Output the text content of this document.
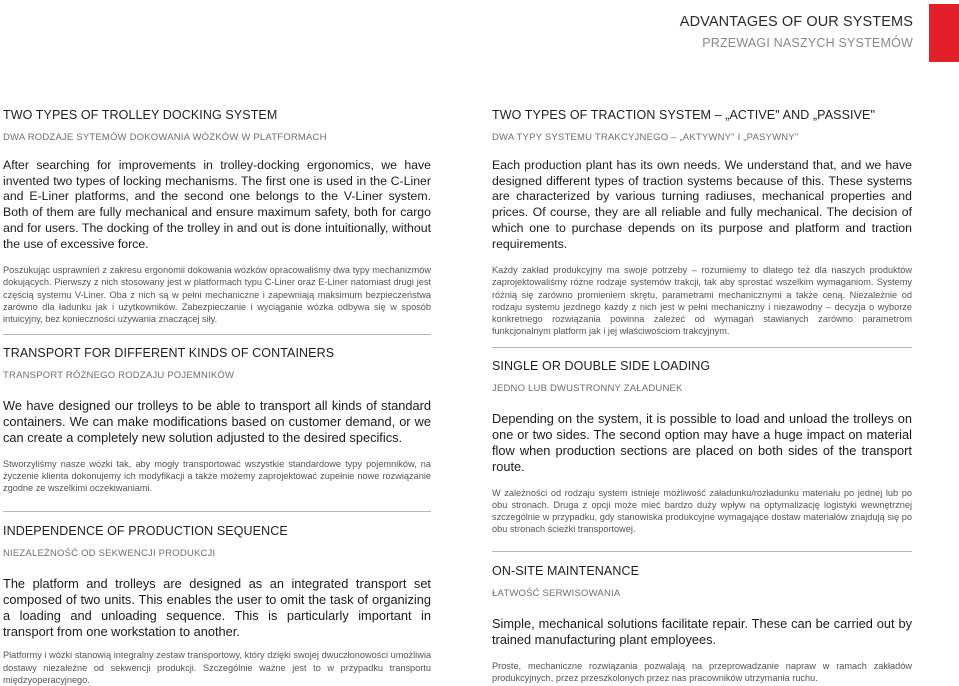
ADVANTAGES OF OUR SYSTEMS
PRZEWAGI NASZYCH SYSTEMÓW
TWO TYPES OF TROLLEY DOCKING SYSTEM
DWA RODZAJE SYTEMÓW DOKOWANIA WÓZKÓW W PLATFORMACH

After searching for improvements in trolley-docking ergonomics, we have invented two types of locking mechanisms. The first one is used in the C-Liner and E-Liner platforms, and the second one belongs to the V-Liner system. Both of them are fully mechanical and ensure maximum safety, both for cargo and for users. The docking of the trolley in and out is done intuitionally, without the use of excessive force.

Poszukując usprawnień z zakresu ergonomii dokowania wózków opracowaliśmy dwa typy mechanizmów dokujących. Pierwszy z nich stosowany jest w platformach typu C-Liner oraz E-Liner natomiast drugi jest częścią systemu V-Liner. Oba z nich są w pełni mechaniczne i zapewniają maksimum bezpieczeństwa zarówno dla ładunku jak i użytkowników. Zabezpieczanie i wyciąganie wózka odbywa się w sposób intuicyjny, bez konieczności używania znaczącej siły.

TRANSPORT FOR DIFFERENT KINDS OF CONTAINERS
TRANSPORT RÓŻNEGO RODZAJU POJEMNIKÓW

We have designed our trolleys to be able to transport all kinds of standard containers. We can make modifications based on customer demand, or we can create a completely new solution adjusted to the desired specifics.

Stworzyliśmy nasze wózki tak, aby mogły transportować wszystkie standardowe typy pojemników, na życzenie klienta dokonujemy ich modyfikacji a także możemy zaprojektować zupełnie nowe rozwiązanie zgodne ze wszelkimi oczekiwaniami.

INDEPENDENCE OF PRODUCTION SEQUENCE
NIEZALEŻNOŚĆ OD SEKWENCJI PRODUKCJI

The platform and trolleys are designed as an integrated transport set composed of two units. This enables the user to omit the task of organizing a loading and unloading sequence. This is particularly important in transport from one workstation to another.

Platformy i wózki stanowią integralny zestaw transportowy, który dzięki swojej dwuczłonowości umożliwia dostawy niezależne od sekwencji produkcji. Szczególnie ważne jest to w przypadku transportu międzyoperacyjnego.

TWO TYPES OF TRACTION SYSTEM – „ACTIVE" AND „PASSIVE"
DWA TYPY SYSTEMU TRAKCYJNEGO – „AKTYWNY" I „PASYWNY"

Each production plant has its own needs. We understand that, and we have designed different types of traction systems because of this. These systems are characterized by various turning radiuses, mechanical properties and prices. Of course, they are all reliable and fully mechanical. The decision of which one to purchase depends on its purpose and platform and traction requirements.

Każdy zakład produkcyjny ma swoje potrzeby – rozumiemy to dlatego też dla naszych produktów zaprojektowaliśmy różne rodzaje systemów trakcji, tak aby sprostać wszelkim wymaganiom. Systemy różnią się zarówno promieniem skrętu, parametrami mechanicznymi a także ceną. Niezależnie od rodzaju systemu jezdnego każdy z nich jest w pełni mechaniczny i niezawodny – decyzja o wyborze konkretnego rozwiązania powinna zależeć od wymagań stawianych zarówno parametrom funkcjonalnym platform jak i jej właściwościom trakcyjnym.

SINGLE OR DOUBLE SIDE LOADING
JEDNO LUB DWUSTRONNY ZAŁADUNEK

Depending on the system, it is possible to load and unload the trolleys on one or two sides. The second option may have a huge impact on material flow when production sections are placed on both sides of the transport route.

W zależności od rodzaju system istnieje możliwość załadunku/rozładunku materiału po jednej lub po obu stronach. Druga z opcji może mieć bardzo duży wpływ na optymalizację logistyki wewnętrznej szczególnie w przypadku, gdy stanowiska produkcyjne wymagające dostaw materiałów znajdują się po obu stronach ścieżki transportowej.

ON-SITE MAINTENANCE
ŁATWOŚĆ SERWISOWANIA

Simple, mechanical solutions facilitate repair. These can be carried out by trained manufacturing plant employees.

Proste, mechaniczne rozwiązania pozwalają na przeprowadzanie napraw w ramach zakładów produkcyjnych, przez przeszkolonych przez nas pracowników utrzymania ruchu.
